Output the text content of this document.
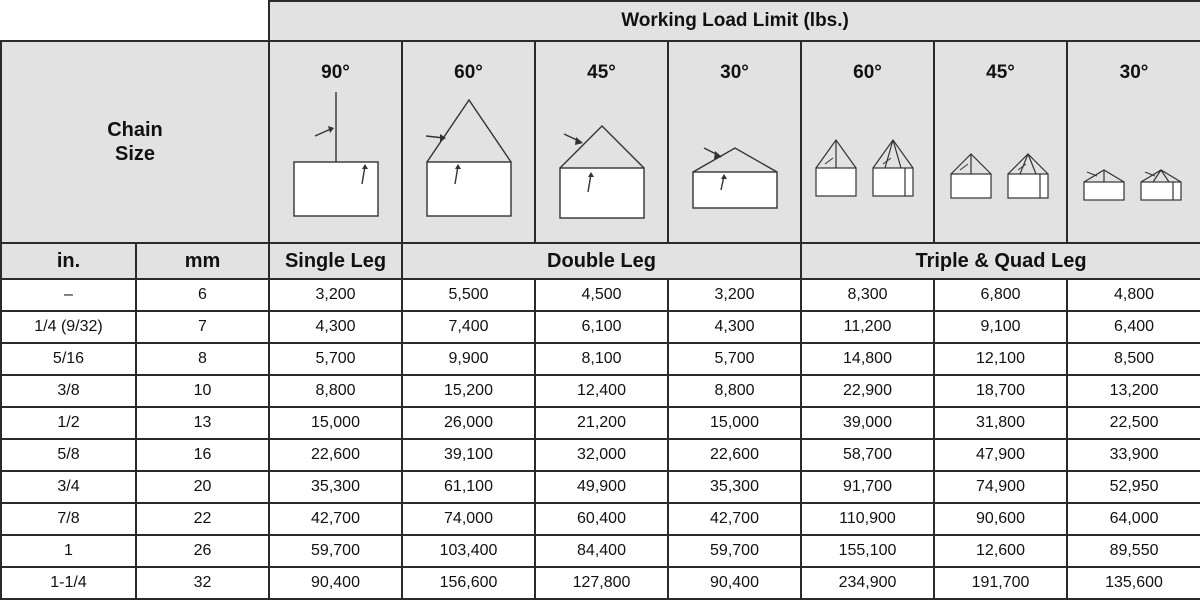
		Working Load Limit (lbs.)						
Chain Size		90°	60°	45°	30°	60°	45°	30°

in.	mm	Single Leg	Double Leg			Triple & Quad Leg		
–	6	3,200	5,500	4,500	3,200	8,300	6,800	4,800
1/4 (9/32)	7	4,300	7,400	6,100	4,300	11,200	9,100	6,400
5/16	8	5,700	9,900	8,100	5,700	14,800	12,100	8,500
3/8	10	8,800	15,200	12,400	8,800	22,900	18,700	13,200
1/2	13	15,000	26,000	21,200	15,000	39,000	31,800	22,500
5/8	16	22,600	39,100	32,000	22,600	58,700	47,900	33,900
3/4	20	35,300	61,100	49,900	35,300	91,700	74,900	52,950
7/8	22	42,700	74,000	60,400	42,700	110,900	90,600	64,000
1	26	59,700	103,400	84,400	59,700	155,100	12,600	89,550
1-1/4	32	90,400	156,600	127,800	90,400	234,900	191,700	135,600
